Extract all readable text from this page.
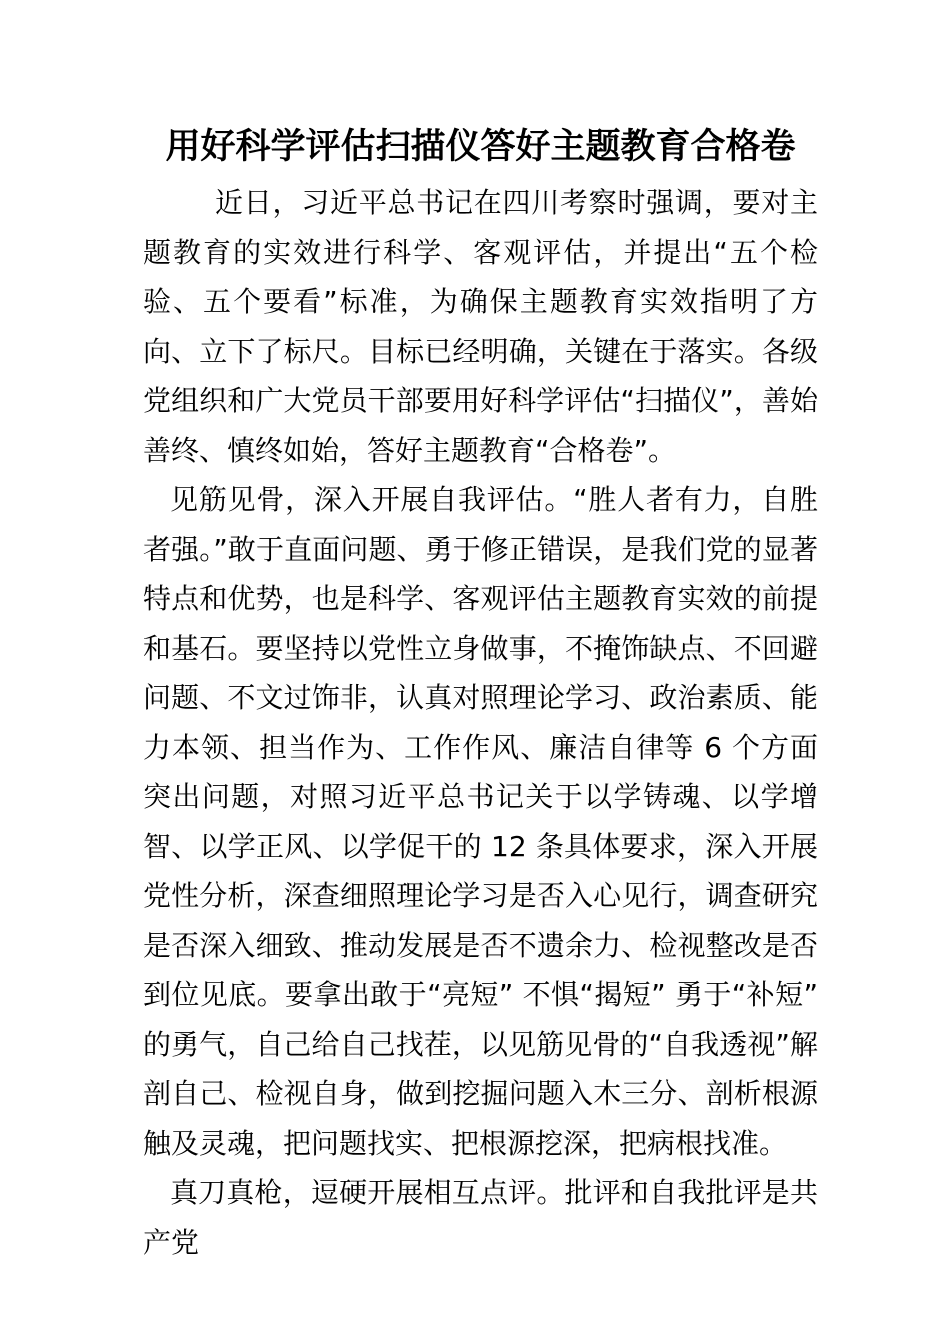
用好科学评估扫描仪答好主题教育合格卷

近日，习近平总书记在四川考察时强调，要对主题教育的实效进行科学、客观评估，并提出“五个检验、五个要看”标准，为确保主题教育实效指明了方向、立下了标尺。目标已经明确，关键在于落实。各级党组织和广大党员干部要用好科学评估“扫描仪”，善始善终、慎终如始，答好主题教育“合格卷”。

见筋见骨，深入开展自我评估。“胜人者有力，自胜者强。”敢于直面问题、勇于修正错误，是我们党的显著特点和优势，也是科学、客观评估主题教育实效的前提和基石。要坚持以党性立身做事，不掩饰缺点、不回避问题、不文过饰非，认真对照理论学习、政治素质、能力本领、担当作为、工作作风、廉洁自律等 6 个方面突出问题，对照习近平总书记关于以学铸魂、以学增智、以学正风、以学促干的 12 条具体要求，深入开展党性分析，深查细照理论学习是否入心见行，调查研究是否深入细致、推动发展是否不遗余力、检视整改是否到位见底。要拿出敢于“亮短” 不惧“揭短” 勇于“补短”的勇气，自己给自己找茬，以见筋见骨的“自我透视”解剖自己、检视自身，做到挖掘问题入木三分、剖析根源触及灵魂，把问题找实、把根源挖深，把病根找准。

真刀真枪，逗硬开展相互点评。批评和自我批评是共产党
